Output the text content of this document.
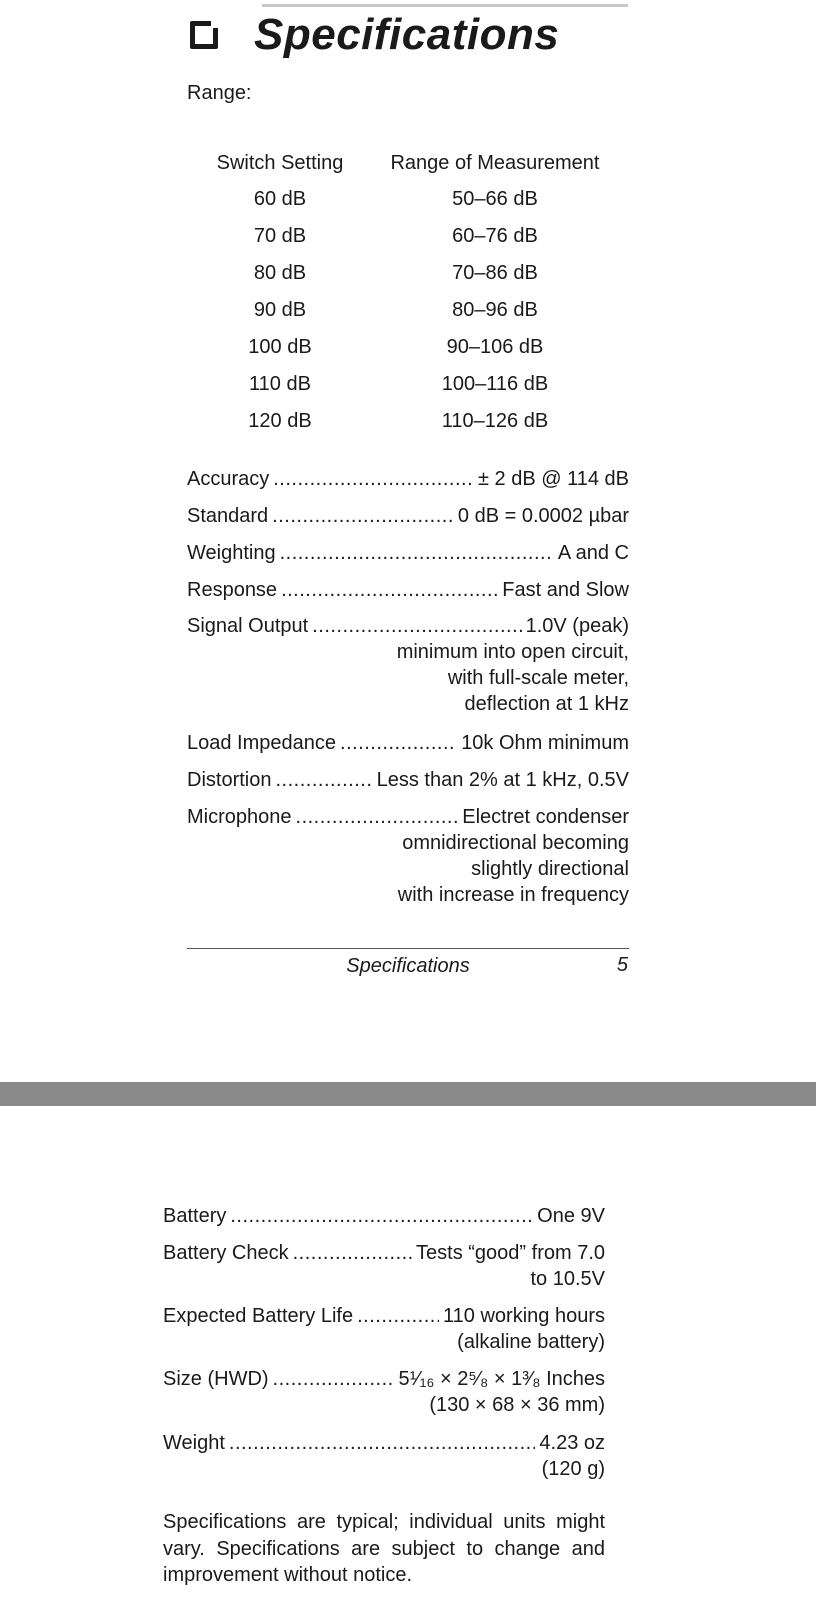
Specifications
Range:
Switch Setting	Range of Measurement
60 dB	50–66 dB
70 dB	60–76 dB
80 dB	70–86 dB
90 dB	80–96 dB
100 dB	90–106 dB
110 dB	100–116 dB
120 dB	110–126 dB
Accuracy .....	± 2 dB @ 114 dB
Standard .....	0 dB = 0.0002 µbar
Weighting .....	A and C
Response .....	Fast and Slow
Signal Output .....	1.0V (peak)
minimum into open circuit,
with full-scale meter,
deflection at 1 kHz
Load Impedance .....	10k Ohm minimum
Distortion .....	Less than 2% at 1 kHz, 0.5V
Microphone .....	Electret condenser
omnidirectional becoming
slightly directional
with increase in frequency
Specifications	5
Battery .....	One 9V
Battery Check .....	Tests “good” from 7.0
to 10.5V
Expected Battery Life .....	110 working hours
(alkaline battery)
Size (HWD) .....	5¹⁄₁₆ × 2⁵⁄₈ × 1³⁄₈ Inches
(130 × 68 × 36 mm)
Weight .....	4.23 oz
(120 g)
Specifications are typical; individual units might vary. Specifications are subject to change and improvement without notice.
